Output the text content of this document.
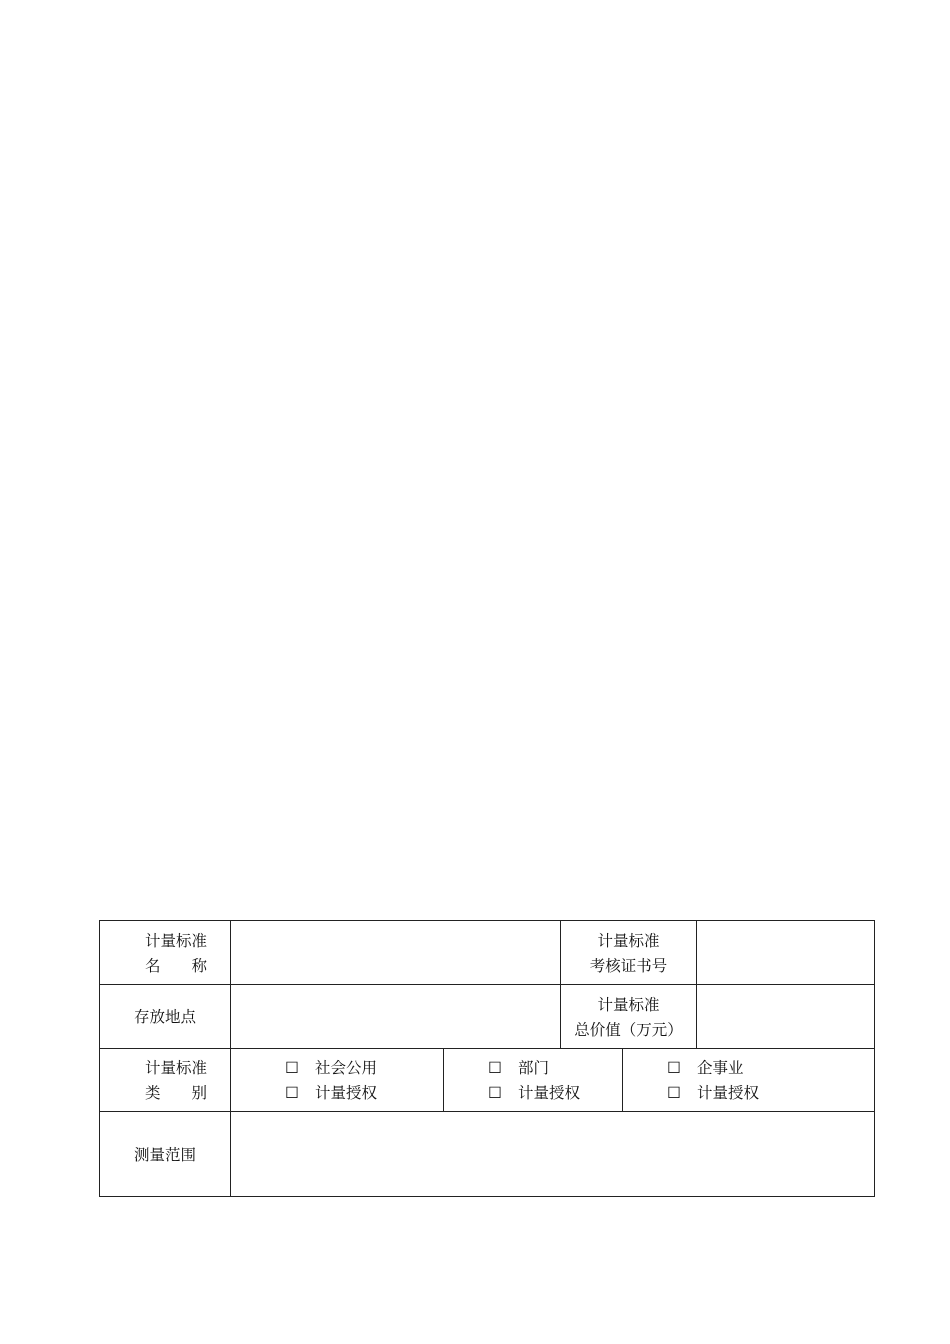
计量标准
名　　称
计量标准
考核证书号
存放地点
计量标准
总价值（万元）
计量标准
类　　别
☐ 社会公用
☐ 计量授权
☐ 部门
☐ 计量授权
☐ 企事业
☐ 计量授权
测量范围
